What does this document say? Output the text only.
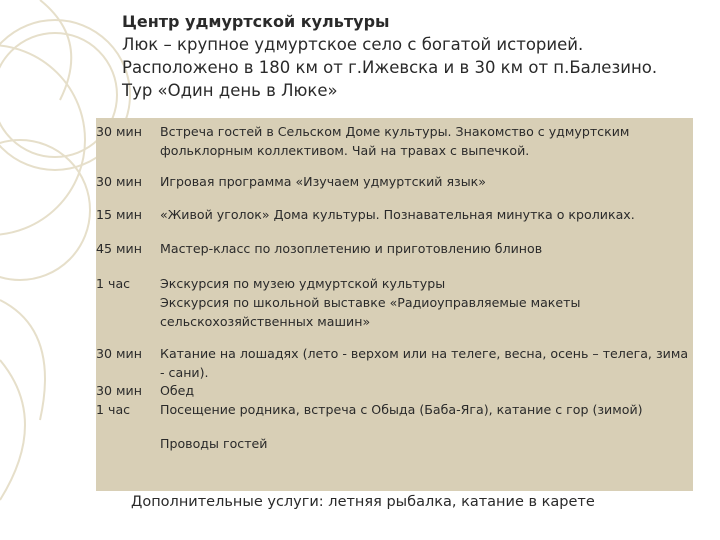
Центр удмуртской культуры
Люк – крупное удмуртское село с богатой историей.
Расположено в 180 км от г.Ижевска и в 30 км от п.Балезино.
Тур «Один день в Люке»
30 мин	Встреча гостей в Сельском Доме культуры. Знакомство с удмуртским
фольклорным коллективом. Чай на травах с выпечкой.
30 мин	Игровая программа «Изучаем удмуртский язык»
15 мин	«Живой уголок» Дома культуры. Познавательная минутка о кроликах.
45 мин	Мастер-класс по лозоплетению и приготовлению блинов
1 час	Экскурсия по музею удмуртской культуры
Экскурсия по школьной выставке «Радиоуправляемые макеты
сельскохозяйственных машин»
30 мин	Катание на лошадях (лето - верхом или на телеге, весна, осень – телега, зима
- сани).
30 мин	Обед
1 час	Посещение родника, встреча с Обыда (Баба-Яга), катание с гор (зимой)
Проводы гостей
Дополнительные услуги: летняя рыбалка, катание в карете
